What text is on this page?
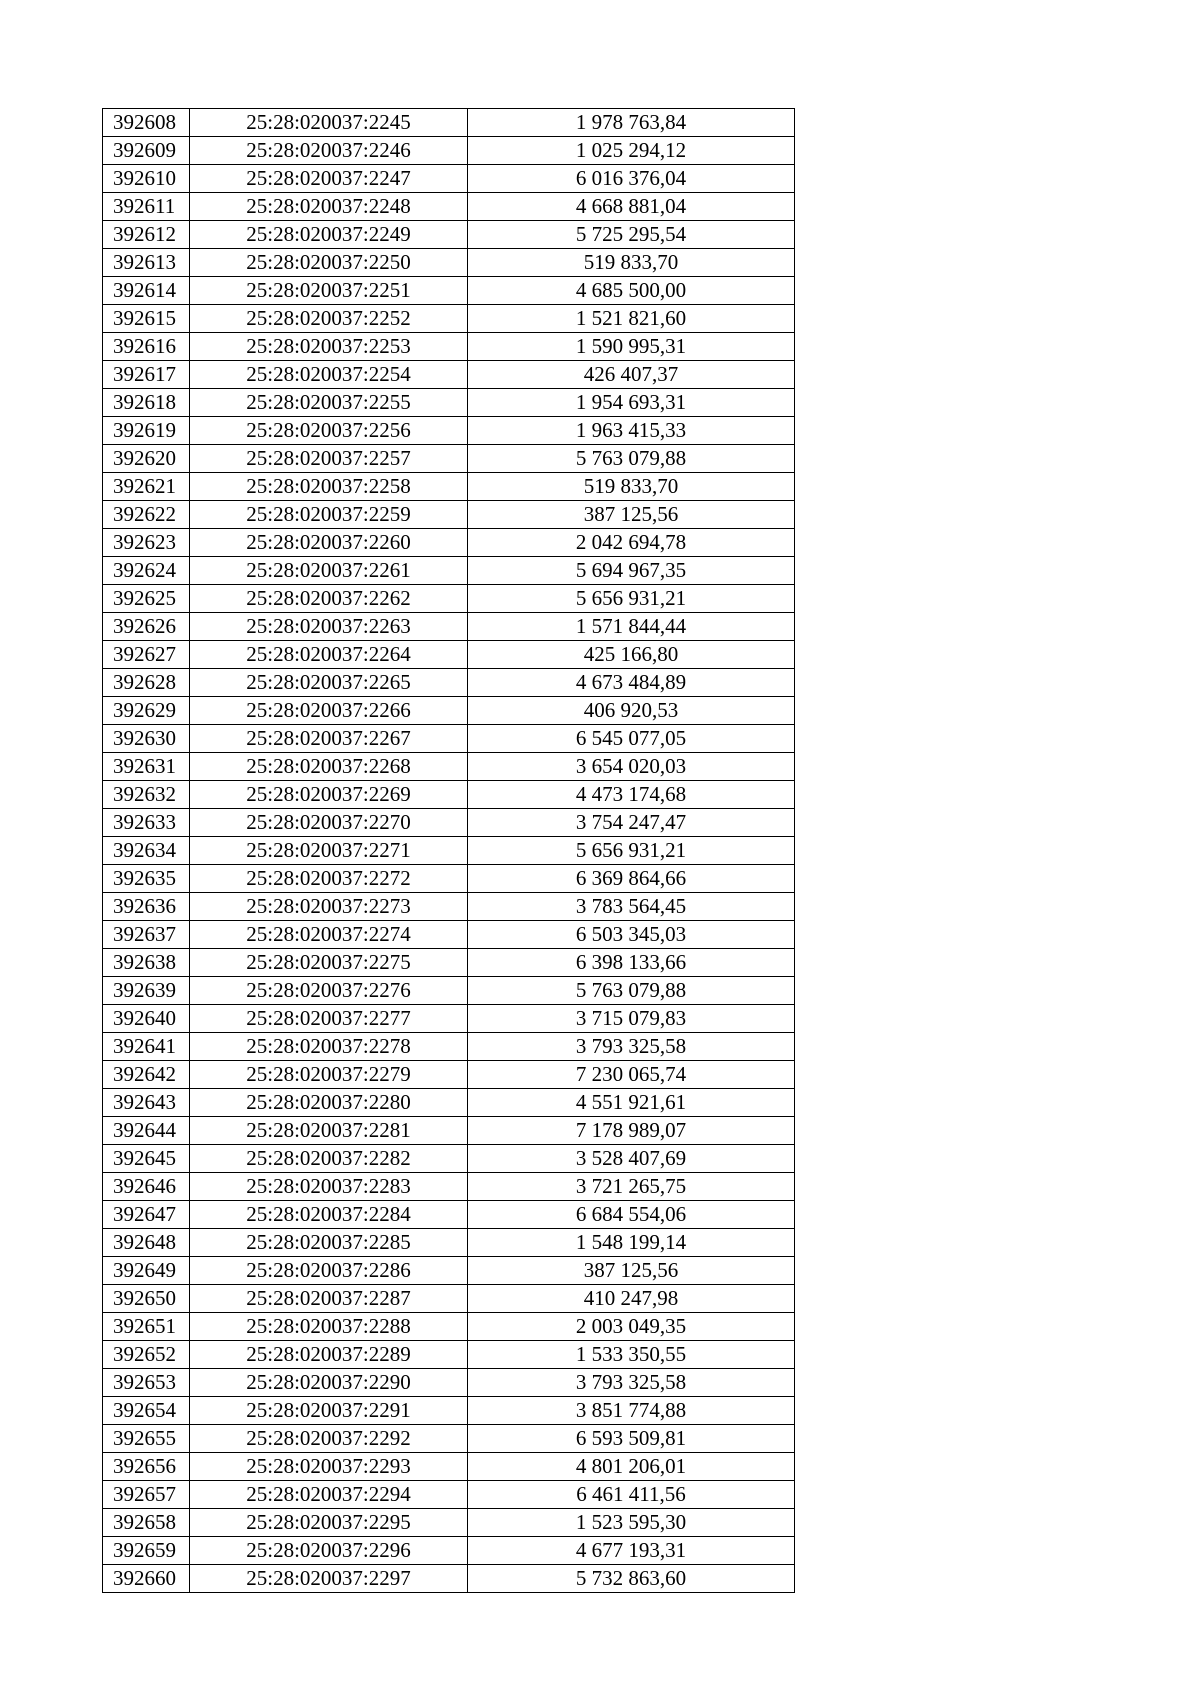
392608	25:28:020037:2245	1 978 763,84
392609	25:28:020037:2246	1 025 294,12
392610	25:28:020037:2247	6 016 376,04
392611	25:28:020037:2248	4 668 881,04
392612	25:28:020037:2249	5 725 295,54
392613	25:28:020037:2250	519 833,70
392614	25:28:020037:2251	4 685 500,00
392615	25:28:020037:2252	1 521 821,60
392616	25:28:020037:2253	1 590 995,31
392617	25:28:020037:2254	426 407,37
392618	25:28:020037:2255	1 954 693,31
392619	25:28:020037:2256	1 963 415,33
392620	25:28:020037:2257	5 763 079,88
392621	25:28:020037:2258	519 833,70
392622	25:28:020037:2259	387 125,56
392623	25:28:020037:2260	2 042 694,78
392624	25:28:020037:2261	5 694 967,35
392625	25:28:020037:2262	5 656 931,21
392626	25:28:020037:2263	1 571 844,44
392627	25:28:020037:2264	425 166,80
392628	25:28:020037:2265	4 673 484,89
392629	25:28:020037:2266	406 920,53
392630	25:28:020037:2267	6 545 077,05
392631	25:28:020037:2268	3 654 020,03
392632	25:28:020037:2269	4 473 174,68
392633	25:28:020037:2270	3 754 247,47
392634	25:28:020037:2271	5 656 931,21
392635	25:28:020037:2272	6 369 864,66
392636	25:28:020037:2273	3 783 564,45
392637	25:28:020037:2274	6 503 345,03
392638	25:28:020037:2275	6 398 133,66
392639	25:28:020037:2276	5 763 079,88
392640	25:28:020037:2277	3 715 079,83
392641	25:28:020037:2278	3 793 325,58
392642	25:28:020037:2279	7 230 065,74
392643	25:28:020037:2280	4 551 921,61
392644	25:28:020037:2281	7 178 989,07
392645	25:28:020037:2282	3 528 407,69
392646	25:28:020037:2283	3 721 265,75
392647	25:28:020037:2284	6 684 554,06
392648	25:28:020037:2285	1 548 199,14
392649	25:28:020037:2286	387 125,56
392650	25:28:020037:2287	410 247,98
392651	25:28:020037:2288	2 003 049,35
392652	25:28:020037:2289	1 533 350,55
392653	25:28:020037:2290	3 793 325,58
392654	25:28:020037:2291	3 851 774,88
392655	25:28:020037:2292	6 593 509,81
392656	25:28:020037:2293	4 801 206,01
392657	25:28:020037:2294	6 461 411,56
392658	25:28:020037:2295	1 523 595,30
392659	25:28:020037:2296	4 677 193,31
392660	25:28:020037:2297	5 732 863,60
